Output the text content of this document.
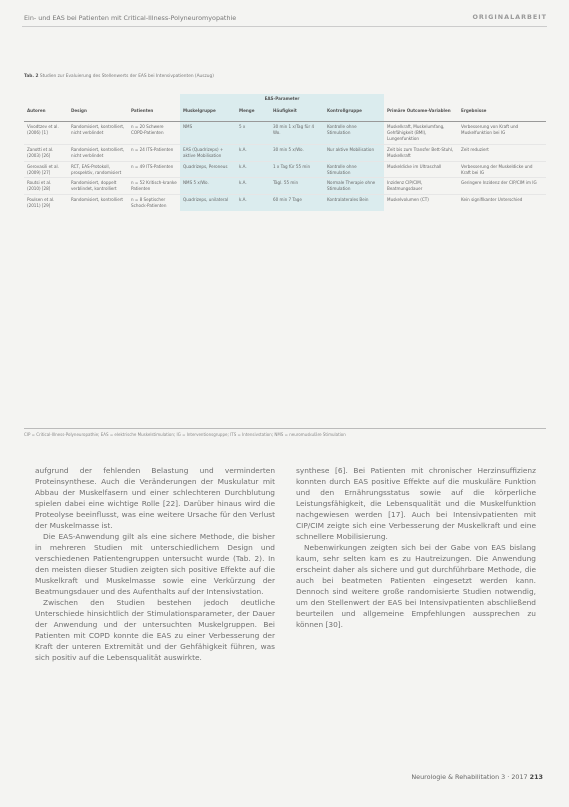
Ein- und EAS bei Patienten mit Critical-Illness-Polyneuromyopathie	ORIGINALARBEIT
Tab. 2 Studien zur Evaluierung des Stellenwerts der EAS bei Intensivpatienten (Auszug)
			EAS-Parameter					
Autoren	Design	Patienten	Muskelgruppe	Menge	Häufigkeit	Kontrollgruppe	Primäre Outcome-Variablen	Ergebnisse
Vivodtzev et al. (2006) [1]	Randomisiert, kontrolliert, nicht verblindet	n = 20 Schwere COPD-Patienten	NMS	5 x	30 min 1 x/Tag für 4 Wo.	Kontrolle ohne Stimulation	Muskelkraft, Muskelumfang, Gehfähigkeit (BMI), Lungenfunktion	Verbesserung von Kraft und Muskelfunktion bei IG
Zanotti et al. (2003) [26]	Randomisiert, kontrolliert, nicht verblindet	n = 24 ITS-Patienten	EAS (Quadrizeps) + aktive Mobilisation	k.A.	30 min 5 x/Wo.	Nur aktive Mobilisation	Zeit bis zum Transfer Bett-Stuhl, Muskelkraft	Zeit reduziert
Gerovasili et al. (2009) [27]	RCT, EAS-Protokoll, prospektiv, randomisiert	n = 49 ITS-Patienten	Quadrizeps, Peroneus	k.A.	1 x Tag für 55 min	Kontrolle ohne Stimulation	Muskeldicke im Ultraschall	Verbesserung der Muskeldicke und Kraft bei IG
Routsi et al. (2010) [28]	Randomisiert, doppelt verblindet, kontrolliert	n = 52 Kritisch-kranke Patienten	NMS 5 x/Wo.	k.A.	Tägl. 55 min	Normale Therapie ohne Stimulation	Inzidenz CIP/CIM, Beatmungsdauer	Geringere Inzidenz der CIP/CIM im IG
Poulsen et al. (2011) [29]	Randomisiert, kontrolliert	n = 8 Septischer Schock-Patienten	Quadrizeps, unilateral	k.A.	60 min 7 Tage	Kontralaterales Bein	Muskelvolumen (CT)	Kein signifikanter Unterschied
CIP = Critical-Illness-Polyneuropathie; EAS = elektrische Muskelstimulation; IG = Interventionsgruppe; ITS = Intensivstation; NMS = neuromuskuläre Stimulation

aufgrund der fehlenden Belastung und verminderten Proteinsynthese. Auch die Veränderungen der Muskulatur mit Abbau der Muskelfasern und einer schlechteren Durchblutung spielen dabei eine wichtige Rolle [22]. Darüber hinaus wird die Proteolyse beeinflusst, was eine weitere Ursache für den Verlust der Muskelmasse ist.

Die EAS-Anwendung gilt als eine sichere Methode, die bisher in mehreren Studien mit unterschiedlichem Design und verschiedenen Patientengruppen untersucht wurde (Tab. 2). In den meisten dieser Studien zeigten sich positive Effekte auf die Muskelkraft und Muskelmasse sowie eine Verkürzung der Beatmungsdauer und des Aufenthalts auf der Intensivstation.

Zwischen den Studien bestehen jedoch deutliche Unterschiede hinsichtlich der Stimulationsparameter, der Dauer der Anwendung und der untersuchten Muskelgruppen. Bei Patienten mit COPD konnte die EAS zu einer Verbesserung der Kraft der unteren Extremität und der Gehfähigkeit führen, was sich positiv auf die Lebensqualität auswirkte.

synthese [6]. Bei Patienten mit chronischer Herzinsuffizienz konnten durch EAS positive Effekte auf die muskuläre Funktion und den Ernährungsstatus sowie auf die körperliche Leistungsfähigkeit, die Lebensqualität und die Muskelfunktion nachgewiesen werden [17]. Auch bei Intensivpatienten mit CIP/CIM zeigte sich eine Verbesserung der Muskelkraft und eine schnellere Mobilisierung.

Nebenwirkungen zeigten sich bei der Gabe von EAS bislang kaum, sehr selten kam es zu Hautreizungen. Die Anwendung erscheint daher als sichere und gut durchführbare Methode, die auch bei beatmeten Patienten eingesetzt werden kann. Dennoch sind weitere große randomisierte Studien notwendig, um den Stellenwert der EAS bei Intensivpatienten abschließend beurteilen und allgemeine Empfehlungen aussprechen zu können [30].

Neurologie & Rehabilitation 3 · 2017 213
